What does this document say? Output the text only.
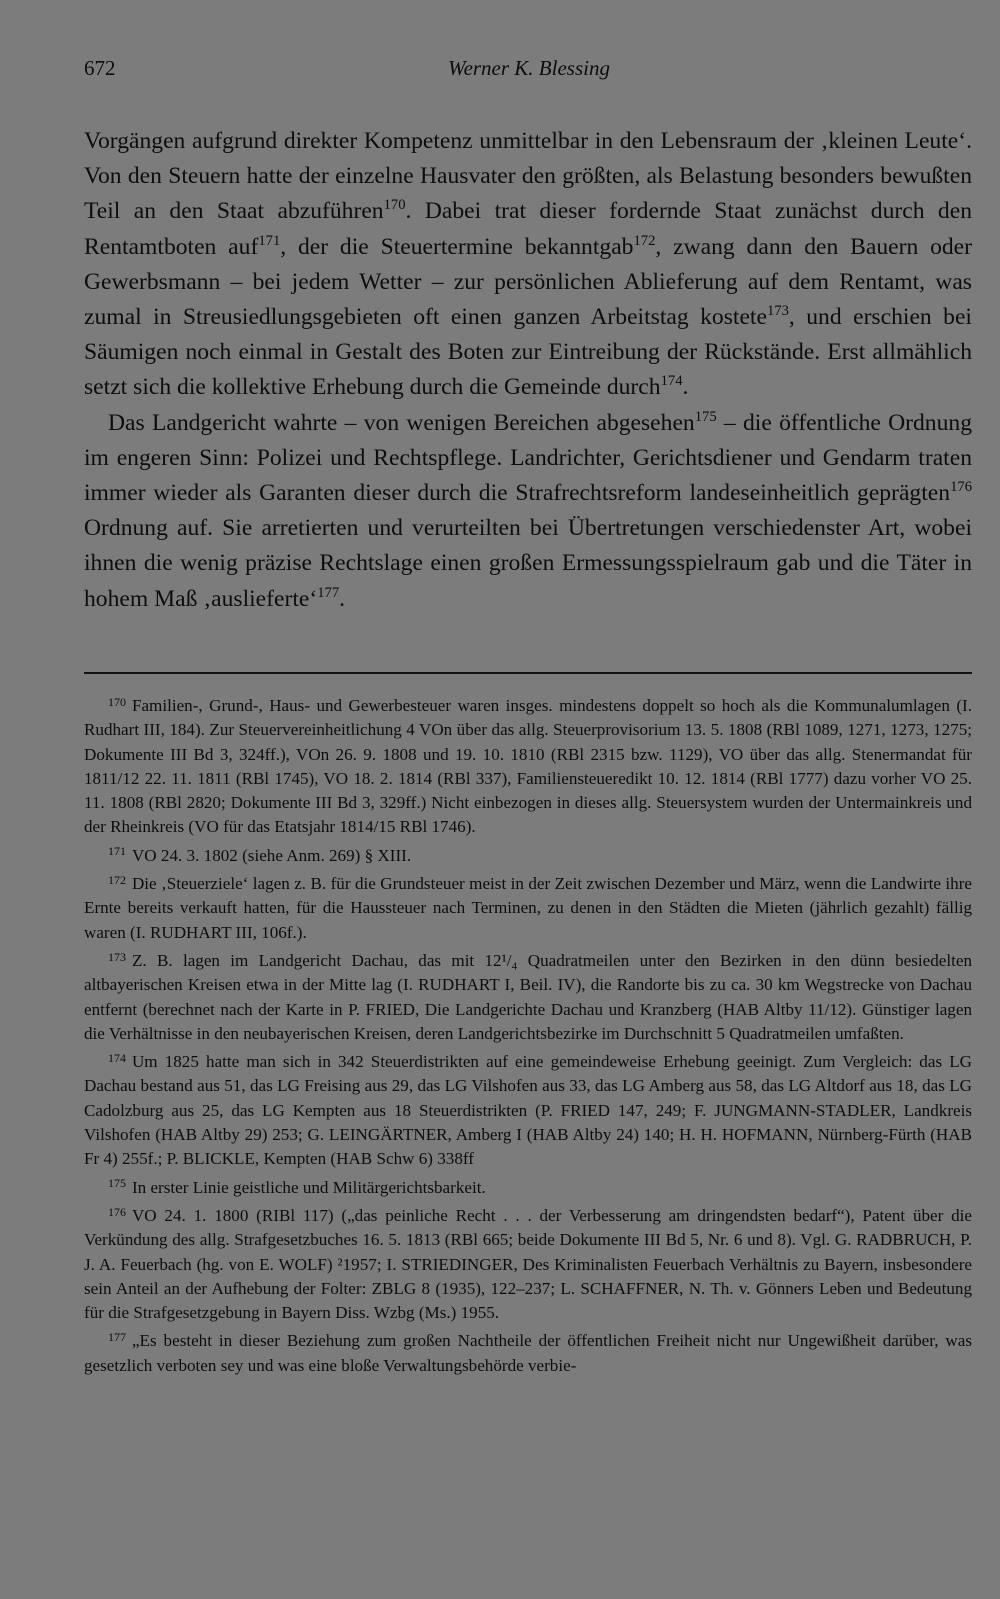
672	Werner K. Blessing

Vorgängen aufgrund direkter Kompetenz unmittelbar in den Lebensraum der ‚kleinen Leute‘. Von den Steuern hatte der einzelne Hausvater den größten, als Belastung besonders bewußten Teil an den Staat abzuführen$^{170}$. Dabei trat dieser fordernde Staat zunächst durch den Rentamtboten auf$^{171}$, der die Steuertermine bekanntgab$^{172}$, zwang dann den Bauern oder Gewerbsmann – bei jedem Wetter – zur persönlichen Ablieferung auf dem Rentamt, was zumal in Streusiedlungsgebieten oft einen ganzen Arbeitstag kostete$^{173}$, und erschien bei Säumigen noch einmal in Gestalt des Boten zur Eintreibung der Rückstände. Erst allmählich setzt sich die kollektive Erhebung durch die Gemeinde durch$^{174}$.

Das Landgericht wahrte – von wenigen Bereichen abgesehen$^{175}$ – die öffentliche Ordnung im engeren Sinn: Polizei und Rechtspflege. Landrichter, Gerichtsdiener und Gendarm traten immer wieder als Garanten dieser durch die Strafrechtsreform landeseinheitlich geprägten$^{176}$ Ordnung auf. Sie arretierten und verurteilten bei Übertretungen verschiedenster Art, wobei ihnen die wenig präzise Rechtslage einen großen Ermessungsspielraum gab und die Täter in hohem Maß ‚auslieferte‘$^{177}$.

$^{170}$ Familien-, Grund-, Haus- und Gewerbesteuer waren insges. mindestens doppelt so hoch als die Kommunalumlagen (I. Rudhart III, 184). Zur Steuervereinheitlichung 4 VOn über das allg. Steuerprovisorium 13. 5. 1808 (RBl 1089, 1271, 1273, 1275; Dokumente III Bd 3, 324ff.), VOn 26. 9. 1808 und 19. 10. 1810 (RBl 2315 bzw. 1129), VO über das allg. Stenermandat für 1811/12 22. 11. 1811 (RBl 1745), VO 18. 2. 1814 (RBl 337), Familiensteueredikt 10. 12. 1814 (RBl 1777) dazu vorher VO 25. 11. 1808 (RBl 2820; Dokumente III Bd 3, 329ff.) Nicht einbezogen in dieses allg. Steuersystem wurden der Untermainkreis und der Rheinkreis (VO für das Etatsjahr 1814/15 RBl 1746).

$^{171}$ VO 24. 3. 1802 (siehe Anm. 269) § XIII.

$^{172}$ Die ‚Steuerziele‘ lagen z. B. für die Grundsteuer meist in der Zeit zwischen Dezember und März, wenn die Landwirte ihre Ernte bereits verkauft hatten, für die Haussteuer nach Terminen, zu denen in den Städten die Mieten (jährlich gezahlt) fällig waren (I. RUDHART III, 106f.).

$^{173}$ Z. B. lagen im Landgericht Dachau, das mit 12¹/₄ Quadratmeilen unter den Bezirken in den dünn besiedelten altbayerischen Kreisen etwa in der Mitte lag (I. RUDHART I, Beil. IV), die Randorte bis zu ca. 30 km Wegstrecke von Dachau entfernt (berechnet nach der Karte in P. FRIED, Die Landgerichte Dachau und Kranzberg (HAB Altby 11/12). Günstiger lagen die Verhältnisse in den neubayerischen Kreisen, deren Landgerichtsbezirke im Durchschnitt 5 Quadratmeilen umfaßten.

$^{174}$ Um 1825 hatte man sich in 342 Steuerdistrikten auf eine gemeindeweise Erhebung geeinigt. Zum Vergleich: das LG Dachau bestand aus 51, das LG Freising aus 29, das LG Vilshofen aus 33, das LG Amberg aus 58, das LG Altdorf aus 18, das LG Cadolzburg aus 25, das LG Kempten aus 18 Steuerdistrikten (P. FRIED 147, 249; F. JUNGMANN-STADLER, Landkreis Vilshofen (HAB Altby 29) 253; G. LEINGÄRTNER, Amberg I (HAB Altby 24) 140; H. H. HOFMANN, Nürnberg-Fürth (HAB Fr 4) 255f.; P. BLICKLE, Kempten (HAB Schw 6) 338ff

$^{175}$ In erster Linie geistliche und Militärgerichtsbarkeit.

$^{176}$ VO 24. 1. 1800 (RIBl 117) („das peinliche Recht . . . der Verbesserung am dringendsten bedarf“), Patent über die Verkündung des allg. Strafgesetzbuches 16. 5. 1813 (RBl 665; beide Dokumente III Bd 5, Nr. 6 und 8). Vgl. G. RADBRUCH, P. J. A. Feuerbach (hg. von E. WOLF) ²1957; I. STRIEDINGER, Des Kriminalisten Feuerbach Verhältnis zu Bayern, insbesondere sein Anteil an der Aufhebung der Folter: ZBLG 8 (1935), 122–237; L. SCHAFFNER, N. Th. v. Gönners Leben und Bedeutung für die Strafgesetzgebung in Bayern Diss. Wzbg (Ms.) 1955.

$^{177}$ „Es besteht in dieser Beziehung zum großen Nachtheile der öffentlichen Freiheit nicht nur Ungewißheit darüber, was gesetzlich verboten sey und was eine bloße Verwaltungsbehörde verbie-
